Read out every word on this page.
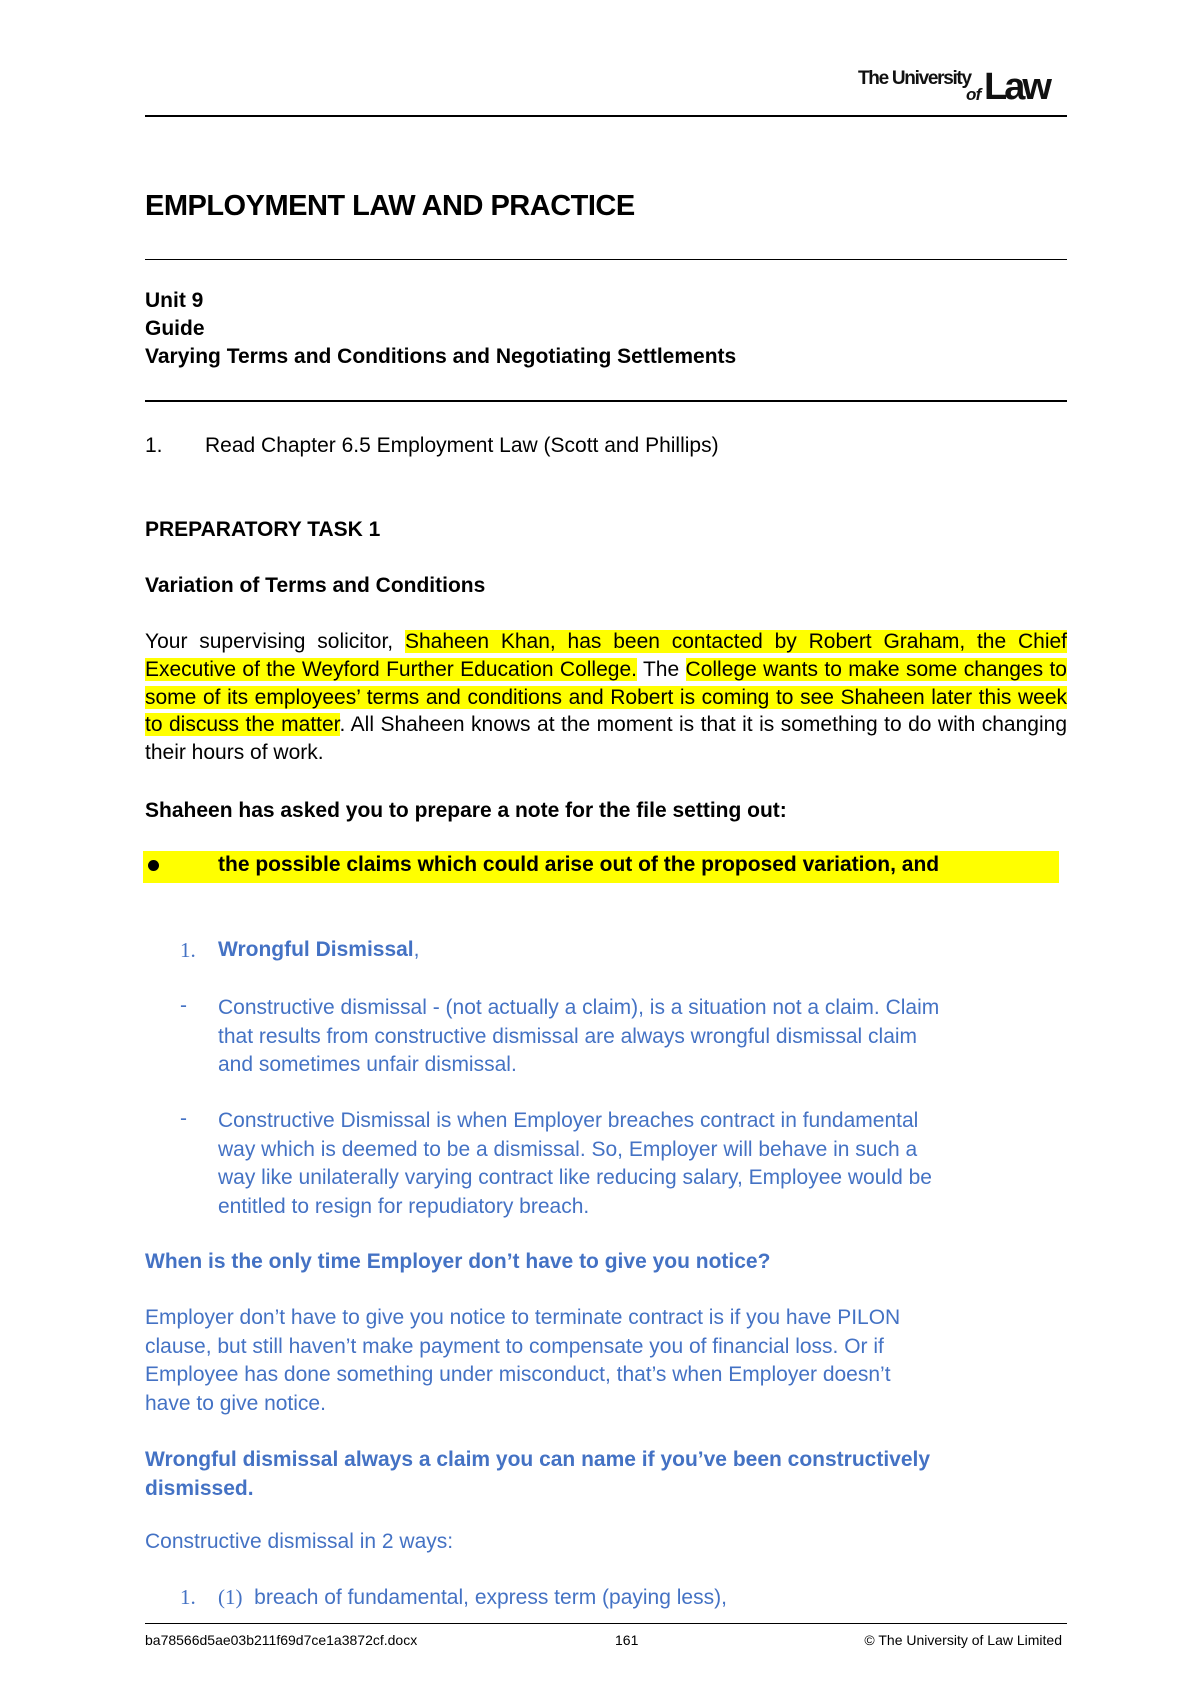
The University
of Law
EMPLOYMENT LAW AND PRACTICE
Unit 9
Guide
Varying Terms and Conditions and Negotiating Settlements
1. Read Chapter 6.5 Employment Law (Scott and Phillips)
PREPARATORY TASK 1
Variation of Terms and Conditions
Your supervising solicitor, Shaheen Khan, has been contacted by Robert Graham, the Chief Executive of the Weyford Further Education College. The College wants to make some changes to some of its employees’ terms and conditions and Robert is coming to see Shaheen later this week to discuss the matter. All Shaheen knows at the moment is that it is something to do with changing their hours of work.
Shaheen has asked you to prepare a note for the file setting out:
the possible claims which could arise out of the proposed variation, and
1. Wrongful Dismissal,
- Constructive dismissal - (not actually a claim), is a situation not a claim. Claim
that results from constructive dismissal are always wrongful dismissal claim
and sometimes unfair dismissal.
- Constructive Dismissal is when Employer breaches contract in fundamental
way which is deemed to be a dismissal. So, Employer will behave in such a
way like unilaterally varying contract like reducing salary, Employee would be
entitled to resign for repudiatory breach.
When is the only time Employer don’t have to give you notice?
Employer don’t have to give you notice to terminate contract is if you have PILON
clause, but still haven’t make payment to compensate you of financial loss. Or if
Employee has done something under misconduct, that’s when Employer doesn’t
have to give notice.
Wrongful dismissal always a claim you can name if you’ve been constructively
dismissed.
Constructive dismissal in 2 ways:
1. (1) breach of fundamental, express term (paying less),
ba78566d5ae03b211f69d7ce1a3872cf.docx	161	© The University of Law Limited
